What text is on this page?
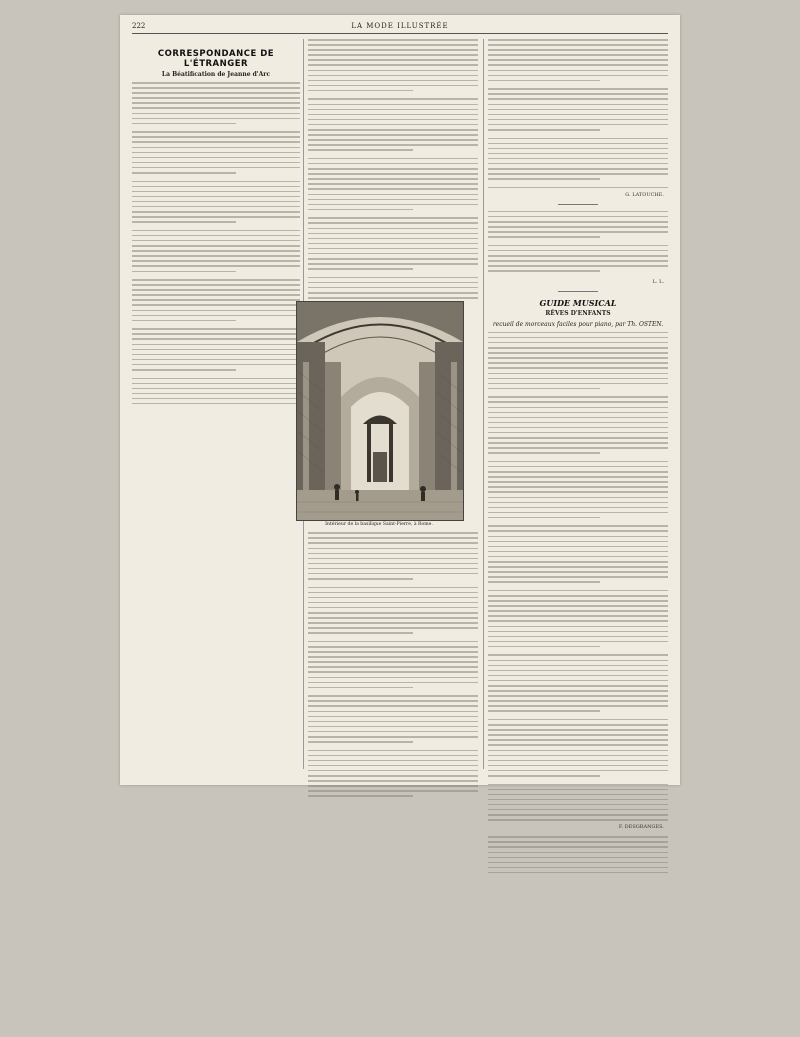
222	LA MODE ILLUSTRÉE
CORRESPONDANCE DE L'ÉTRANGER
La Béatification de Jeanne d'Arc
Intérieur de la basilique Saint-Pierre, à Rome.
G. LATOUCHE.
L. L.
GUIDE MUSICAL
RÊVES D'ENFANTS
recueil de morceaux faciles pour piano, par Th. OSTEN.
F. DESGRANGES.
